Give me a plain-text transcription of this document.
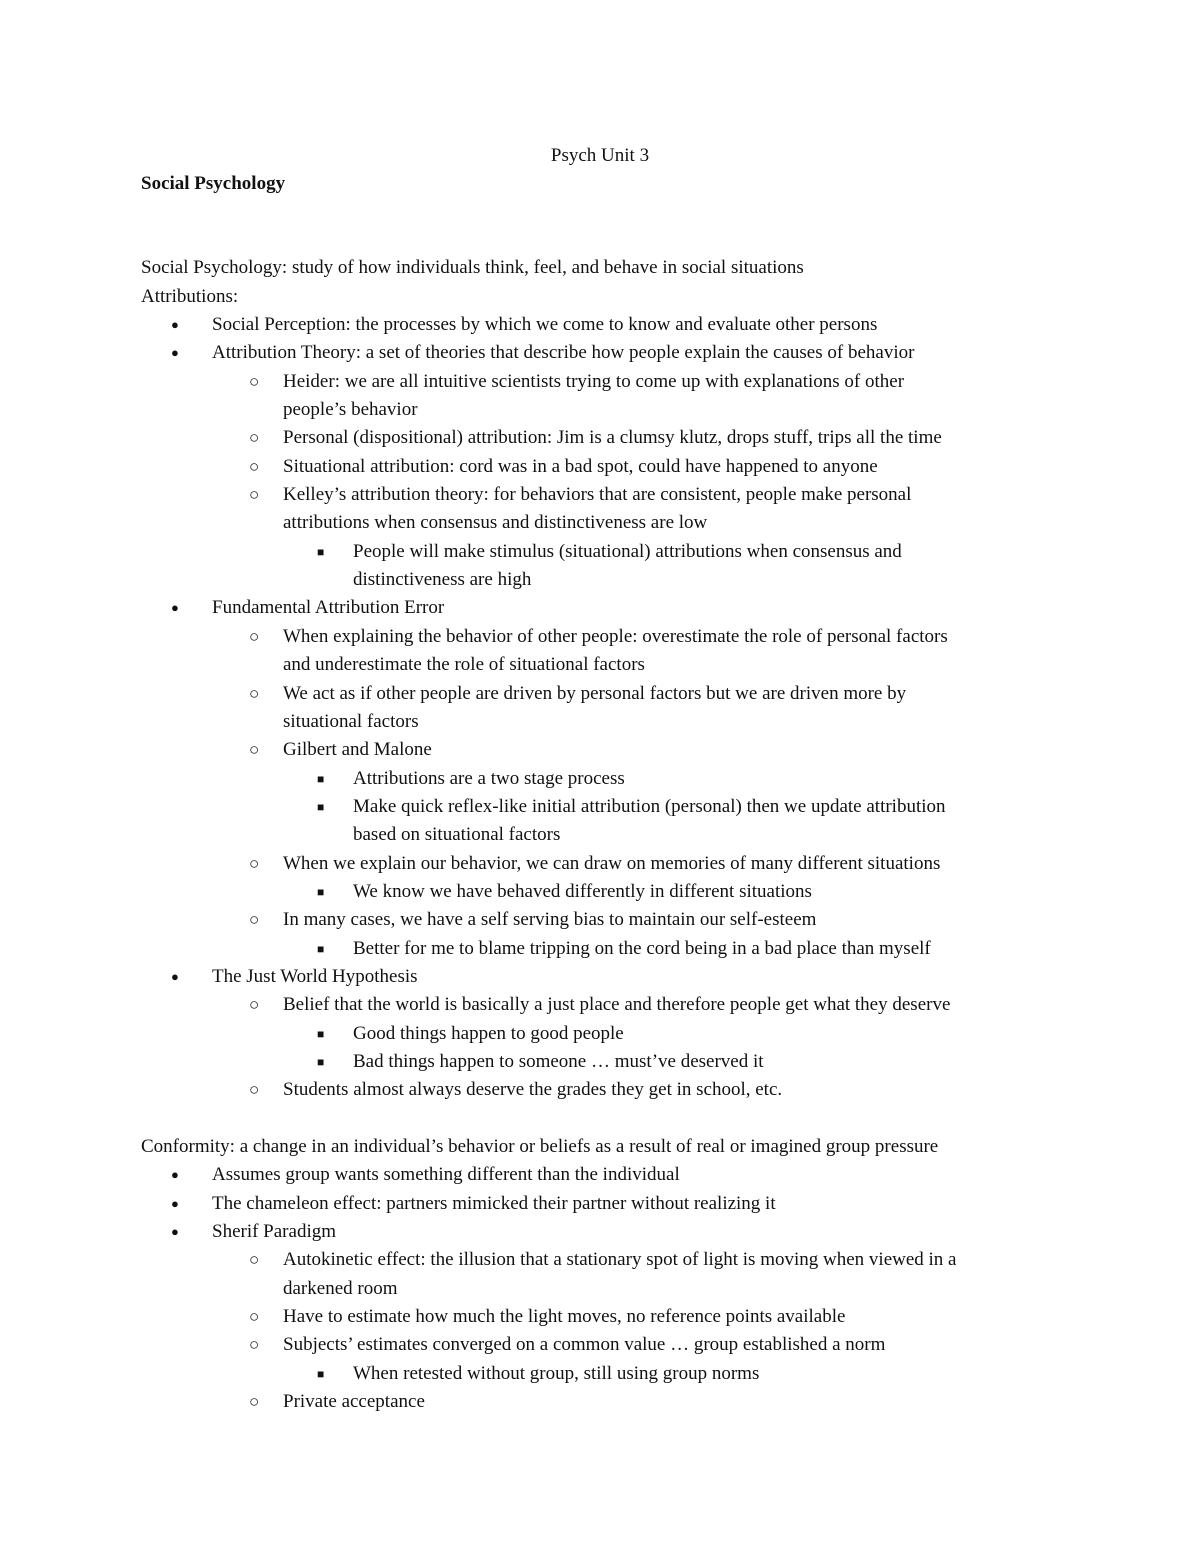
Psych Unit 3
Social Psychology
Social Psychology: study of how individuals think, feel, and behave in social situations
Attributions:
● Social Perception: the processes by which we come to know and evaluate other persons
● Attribution Theory: a set of theories that describe how people explain the causes of behavior
○ Heider: we are all intuitive scientists trying to come up with explanations of other
people’s behavior
○ Personal (dispositional) attribution: Jim is a clumsy klutz, drops stuff, trips all the time
○ Situational attribution: cord was in a bad spot, could have happened to anyone
○ Kelley’s attribution theory: for behaviors that are consistent, people make personal
attributions when consensus and distinctiveness are low
■ People will make stimulus (situational) attributions when consensus and
distinctiveness are high
● Fundamental Attribution Error
○ When explaining the behavior of other people: overestimate the role of personal factors
and underestimate the role of situational factors
○ We act as if other people are driven by personal factors but we are driven more by
situational factors
○ Gilbert and Malone
■ Attributions are a two stage process
■ Make quick reflex-like initial attribution (personal) then we update attribution
based on situational factors
○ When we explain our behavior, we can draw on memories of many different situations
■ We know we have behaved differently in different situations
○ In many cases, we have a self serving bias to maintain our self-esteem
■ Better for me to blame tripping on the cord being in a bad place than myself
● The Just World Hypothesis
○ Belief that the world is basically a just place and therefore people get what they deserve
■ Good things happen to good people
■ Bad things happen to someone … must’ve deserved it
○ Students almost always deserve the grades they get in school, etc.
Conformity: a change in an individual’s behavior or beliefs as a result of real or imagined group pressure
● Assumes group wants something different than the individual
● The chameleon effect: partners mimicked their partner without realizing it
● Sherif Paradigm
○ Autokinetic effect: the illusion that a stationary spot of light is moving when viewed in a
darkened room
○ Have to estimate how much the light moves, no reference points available
○ Subjects’ estimates converged on a common value … group established a norm
■ When retested without group, still using group norms
○ Private acceptance
